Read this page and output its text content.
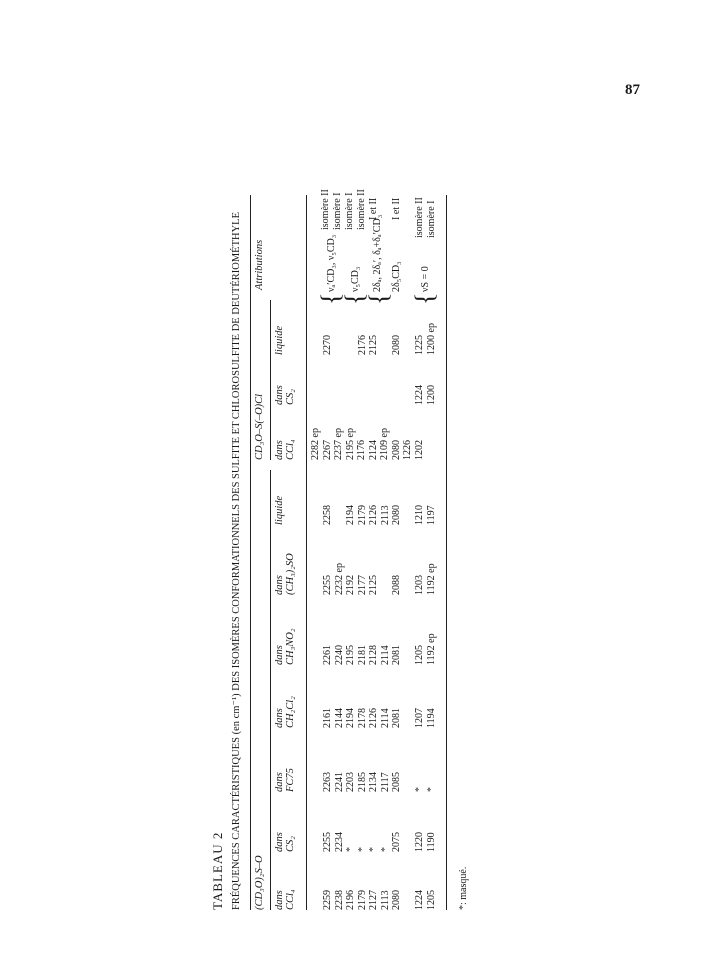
87
TABLEAU 2 FRÉQUENCES CARACTÉRISTIQUES (en cm⁻¹) DES ISOMÈRES CONFORMATIONNELS DES SULFITE ET CHLOROSULFITE DE DEUTÉRIOMÉTHYLE (CD₃O)₂S–O
CD₃O–S(–O)Cl
Attributions
dans CCl₄
dans CS₂
dans FC75
dans CH₂Cl₂
dans CH₃NO₂
dans (CH₃)₂SO
liquide
dans CCl₄
dans CS₂
liquide
2259 2238 2196 2179 2127 2113 2080 1224 1205
2255 2234 * * * * 2075 1220 1190
2263 2241 2203 2185 2134 2117 2085 * *
2161 2144 2194 2178 2126 2114 2081 1207 1194
2261 2240 2195 2181 2128 2114 2081 1205 1192 ep
2255 2232 ep 2192 2177 2125 2088 1203 1192 ep
2258 2194 2179 2126 2113 2080 1210 1197
2282 ep 2267 2237 ep 2195 ep 2176 2124 2109 ep 2080 1226 1202
1224 1200
2270 2176 2125 2080 1225 1200 ep
{
νₐ′CD₃, ν₅CD₃
isomère II isomère I
{
ν₅CD₃
isomère I isomère II
{
2δₐ, 2δₐ′, δₐ+δₐ′CD₃
I et II
2δ₅CD₃
I et II
{
νS = 0
isomère II isomère I
*: masqué.
